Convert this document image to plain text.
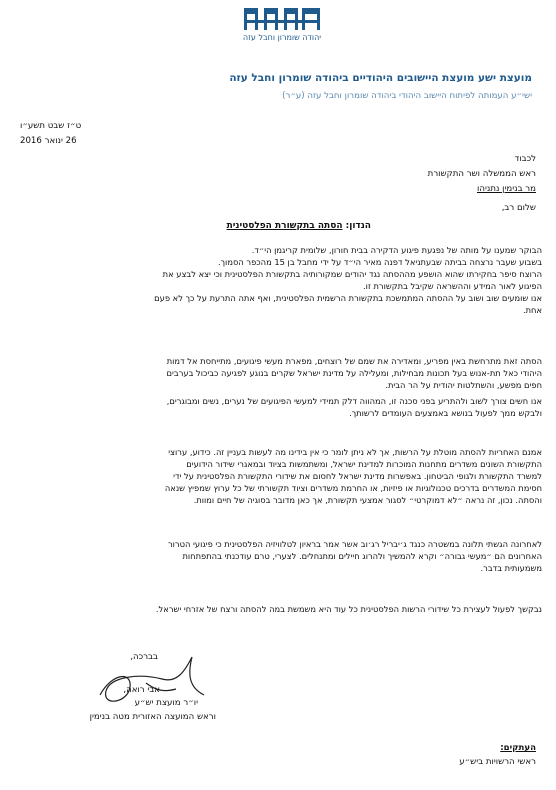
יהודה שומרון וחבל עזה
מועצת ישע מועצת היישובים היהודיים ביהודה שומרון וחבל עזה
ישי״ע העמותה לפיתוח היישוב היהודי ביהודה שומרון וחבל עזה (ע״ר)
ט״ז שבט תשע״ו
26 ינואר 2016
לכבוד
ראש הממשלה ושר התקשורת
מר בנימין נתניהו
שלום רב,
הנדון: הסתה בתקשורת הפלסטינית
הבוקר שמענו על מותה של נפגעת פיגוע הדקירה בבית חורון, שלומית קריגמן הי״ד.
בשבוע שעבר נרצחה בביתה שבעתניאל דפנה מאיר הי״ד על ידי מחבל בן 15 מהכפר הסמוך.
הרוצח סיפר בחקירתו שהוא הושפע מההסתה נגד יהודים שמקורותיה בתקשורת הפלסטינית וכי יצא לבצע את
הפיגוע לאור המידע וההשראה שקיבל בתקשורת זו.
אנו שומעים שוב ושוב על ההסתה המתמשכת בתקשורת הרשמית הפלסטינית, ואף אתה התרעת על כך לא פעם
אחת.
הסתה זאת מתרחשת באין מפריע, ומאדירה את שמם של רוצחים, מפארת מעשי פיגועים, מתייחסת אל דמות
היהודי כאל תת-אנוש בעל תכונות מבחילות, ומעלילה על מדינת ישראל שקרים בנוגע לפגיעה כביכול בערבים
חפים מפשע, והשתלטות יהודית על הר הבית.
אנו חשים צורך לשוב ולהתריע בפני סכנה זו, המהווה דלק תמידי למעשי הפיגועים של נערים, נשים ומבוגרים,
ולבקש ממך לפעול בנושא באמצעים העומדים לרשותך.
אמנם האחריות להסתה מוטלת על הרשות, אך לא ניתן לומר כי אין בידינו מה לעשות בעניין זה. כידוע, ערוצי
התקשורת השונים משדרים מתחנות המוכרות למדינת ישראל, ומשתמשות בציוד ובמאגרי שידור הידועים
למשרד התקשורת ולגופי הביטחון. באפשרות מדינת ישראל לחסום את שידורי התקשורת הפלסטינית על ידי
חסימת המשדרים בדרכים טכנולוגיות או פיזיות, או החרמת משדרים וציוד תקשורתי של כל ערוץ שמפיץ שנאה
והסתה. נכון, זה נראה ״לא דמוקרטי״ לסגור אמצעי תקשורת, אך כאן מדובר בסוגיה של חיים ומוות.
לאחרונה הגשתי תלונה במשטרה כנגד ג׳יבריל רג׳וב אשר אמר בראיון לטלוויזיה הפלסטינית כי פיגועי הטרור
האחרונים הם ״מעשי גבורה״ וקרא להמשיך ולהרוג חיילים ומתנחלים. לצערי, טרם עודכנתי בהתפתחות
משמעותית בדבר.
נבקשך לפעול לעצירת כל שידורי הרשות הפלסטינית כל עוד היא משמשת במה להסתה ורצח של אזרחי ישראל.
בברכה,
אבי רואה,
יו״ר מועצת יש״ע
וראש המועצה האזורית מטה בנימין
העתקים:
ראשי הרשויות ביש״ע
